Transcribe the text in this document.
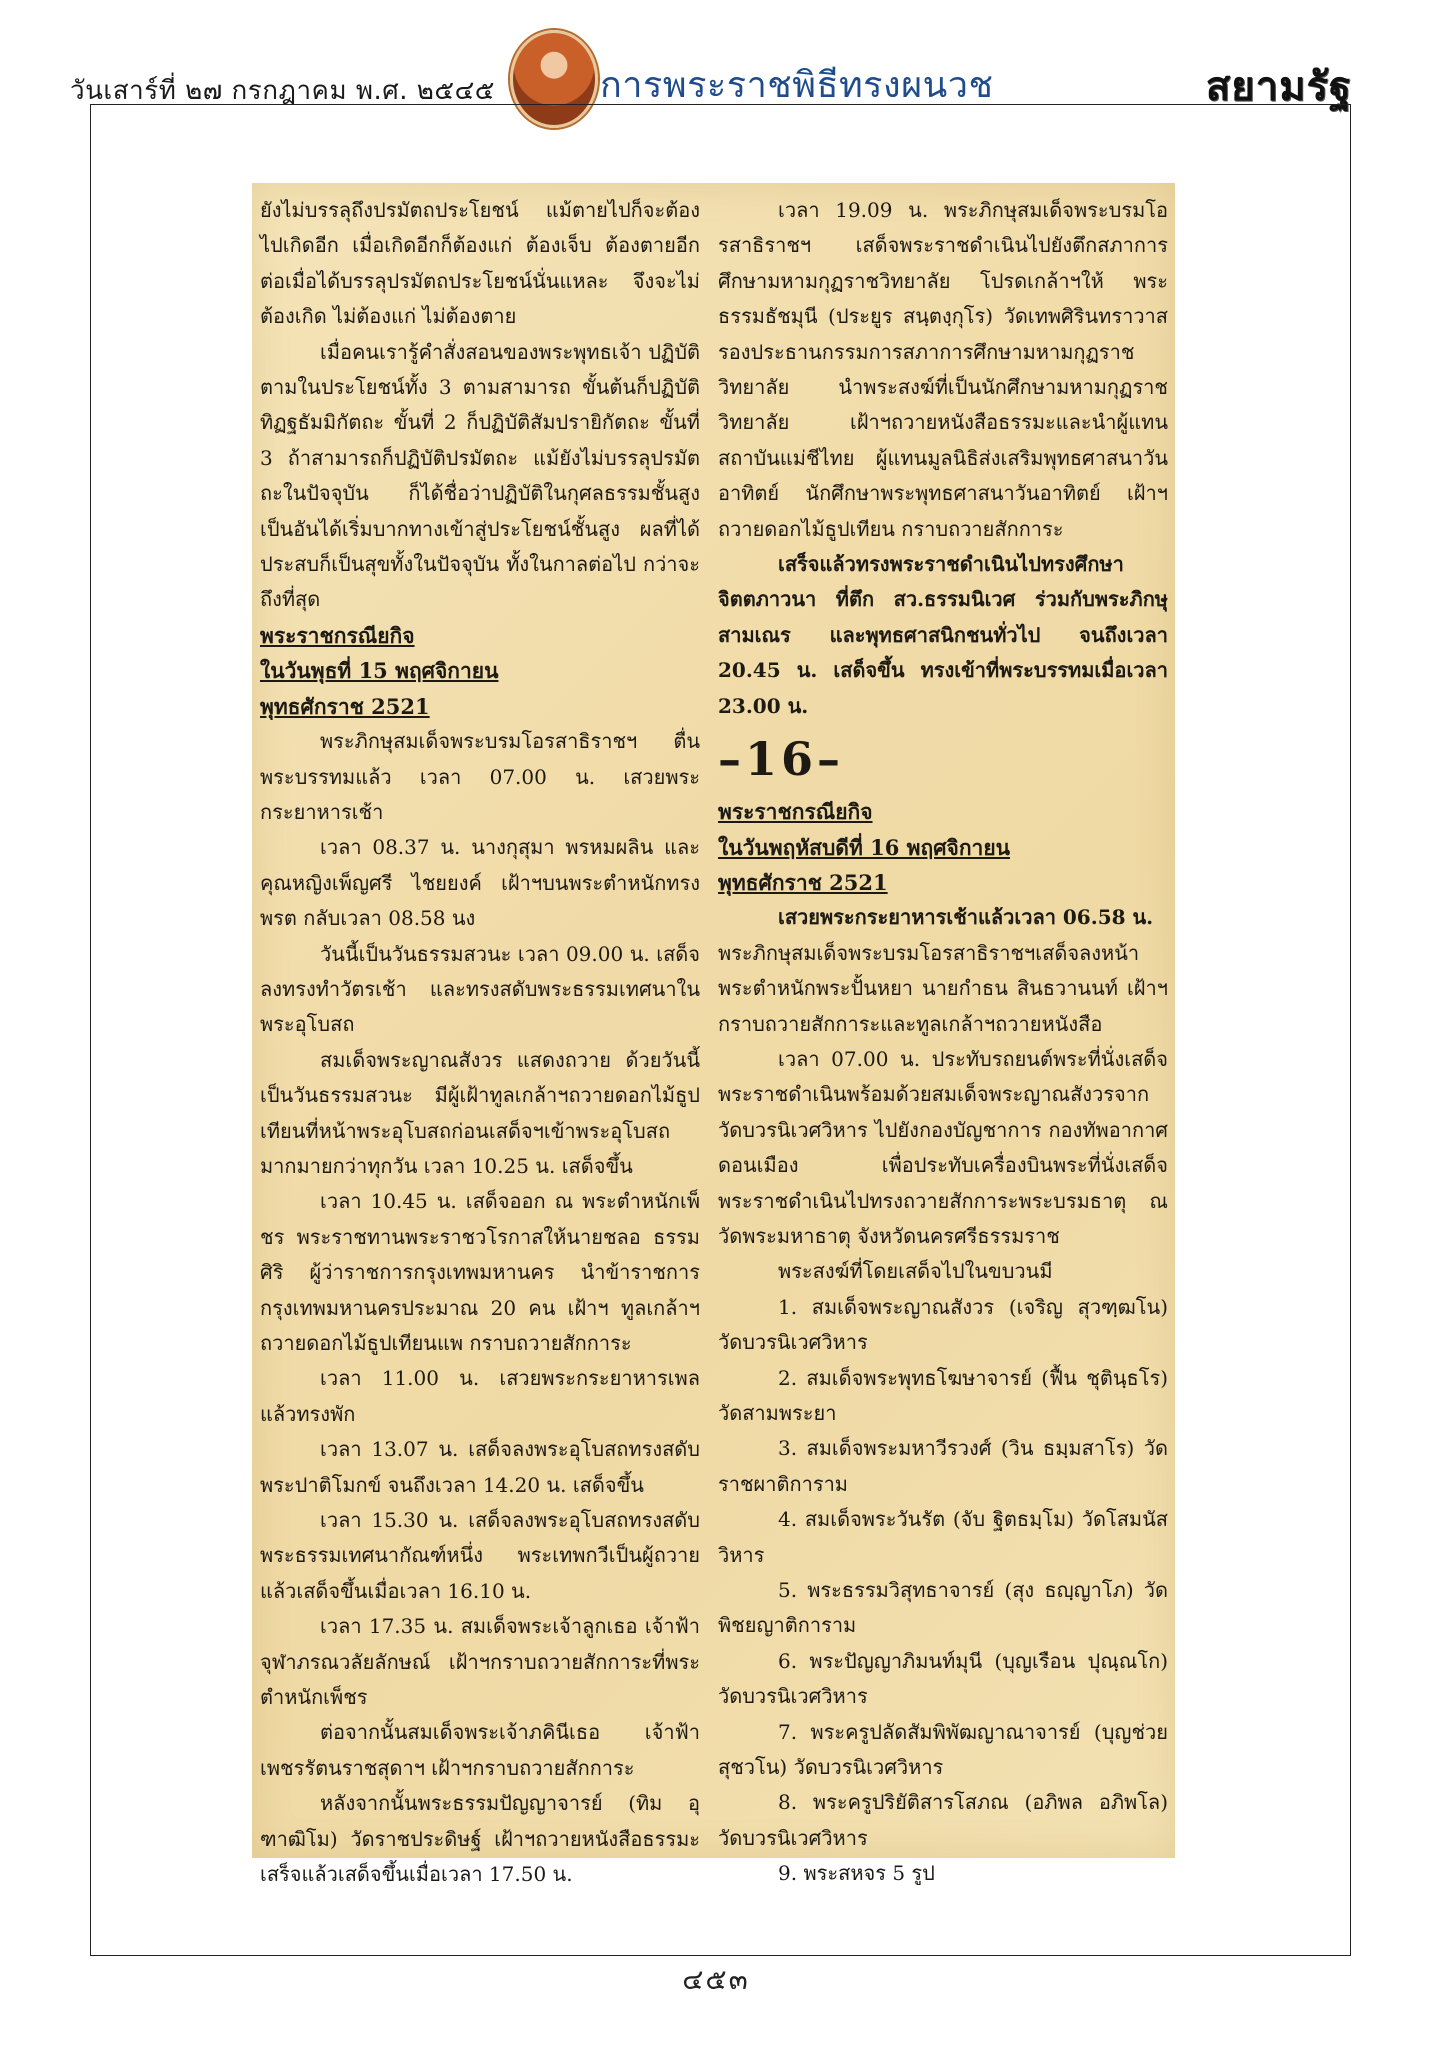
วันเสาร์ที่ ๒๗ กรกฎาคม พ.ศ. ๒๕๔๕	การพระราชพิธีทรงผนวช	สยามรัฐ

ยังไม่บรรลุถึงปรมัตถประโยชน์ แม้ตายไปก็จะต้องไปเกิดอีก เมื่อเกิดอีกก็ต้องแก่ ต้องเจ็บ ต้องตายอีก ต่อเมื่อได้บรรลุปรมัตถประโยชน์นั่นแหละ จึงจะไม่ต้องเกิด ไม่ต้องแก่ ไม่ต้องตาย

เมื่อคนเรารู้คำสั่งสอนของพระพุทธเจ้า ปฏิบัติตามในประโยชน์ทั้ง 3 ตามสามารถ ขั้นต้นก็ปฏิบัติทิฏฐธัมมิกัตถะ ขั้นที่ 2 ก็ปฏิบัติสัมปรายิกัตถะ ขั้นที่ 3 ถ้าสามารถก็ปฏิบัติปรมัตถะ แม้ยังไม่บรรลุปรมัตถะในปัจจุบัน ก็ได้ชื่อว่าปฏิบัติในกุศลธรรมชั้นสูง เป็นอันได้เริ่มบากทางเข้าสู่ประโยชน์ชั้นสูง ผลที่ได้ประสบก็เป็นสุขทั้งในปัจจุบัน ทั้งในกาลต่อไป กว่าจะถึงที่สุด

พระราชกรณียกิจ

ในวันพุธที่ 15 พฤศจิกายน

พุทธศักราช 2521

พระภิกษุสมเด็จพระบรมโอรสาธิราชฯ ตื่นพระบรรทมแล้ว เวลา 07.00 น. เสวยพระกระยาหารเช้า

เวลา 08.37 น. นางกุสุมา พรหมผลิน และคุณหญิงเพ็ญศรี ไชยยงค์ เฝ้าฯบนพระตำหนักทรงพรต กลับเวลา 08.58 นง

วันนี้เป็นวันธรรมสวนะ เวลา 09.00 น. เสด็จลงทรงทำวัตรเช้า และทรงสดับพระธรรมเทศนาในพระอุโบสถ

สมเด็จพระญาณสังวร แสดงถวาย ด้วยวันนี้เป็นวันธรรมสวนะ มีผู้เฝ้าทูลเกล้าฯถวายดอกไม้ธูปเทียนที่หน้าพระอุโบสถก่อนเสด็จฯเข้าพระอุโบสถมากมายกว่าทุกวัน เวลา 10.25 น. เสด็จขึ้น

เวลา 10.45 น. เสด็จออก ณ พระตำหนักเพ็ชร พระราชทานพระราชวโรกาสให้นายชลอ ธรรมศิริ ผู้ว่าราชการกรุงเทพมหานคร นำข้าราชการกรุงเทพมหานครประมาณ 20 คน เฝ้าฯ ทูลเกล้าฯ ถวายดอกไม้ธูปเทียนแพ กราบถวายสักการะ

เวลา 11.00 น. เสวยพระกระยาหารเพล แล้วทรงพัก

เวลา 13.07 น. เสด็จลงพระอุโบสถทรงสดับพระปาติโมกข์ จนถึงเวลา 14.20 น. เสด็จขึ้น

เวลา 15.30 น. เสด็จลงพระอุโบสถทรงสดับพระธรรมเทศนากัณฑ์หนึ่ง พระเทพกวีเป็นผู้ถวายแล้วเสด็จขึ้นเมื่อเวลา 16.10 น.

เวลา 17.35 น. สมเด็จพระเจ้าลูกเธอ เจ้าฟ้าจุฬาภรณวลัยลักษณ์ เฝ้าฯกราบถวายสักการะที่พระตำหนักเพ็ชร

ต่อจากนั้นสมเด็จพระเจ้าภคินีเธอ เจ้าฟ้าเพชรรัตนราชสุดาฯ เฝ้าฯกราบถวายสักการะ

หลังจากนั้นพระธรรมปัญญาจารย์ (ทิม อุฑาฒิโม) วัดราชประดิษฐ์ เฝ้าฯถวายหนังสือธรรมะ เสร็จแล้วเสด็จขึ้นเมื่อเวลา 17.50 น.

เวลา 19.09 น. พระภิกษุสมเด็จพระบรมโอรสาธิราชฯ เสด็จพระราชดำเนินไปยังตึกสภาการศึกษามหามกุฏราชวิทยาลัย โปรดเกล้าฯให้ พระธรรมธัชมุนี (ประยูร สนฺตงฺกุโร) วัดเทพศิรินทราวาส รองประธานกรรมการสภาการศึกษามหามกุฏราชวิทยาลัย นำพระสงฆ์ที่เป็นนักศึกษามหามกุฏราชวิทยาลัย เฝ้าฯถวายหนังสือธรรมะและนำผู้แทนสถาบันแม่ชีไทย ผู้แทนมูลนิธิส่งเสริมพุทธศาสนาวันอาทิตย์ นักศึกษาพระพุทธศาสนาวันอาทิตย์ เฝ้าฯถวายดอกไม้ธูปเทียน กราบถวายสักการะ

เสร็จแล้วทรงพระราชดำเนินไปทรงศึกษาจิตตภาวนา ที่ตึก สว.ธรรมนิเวศ ร่วมกับพระภิกษุสามเณร และพุทธศาสนิกชนทั่วไป จนถึงเวลา 20.45 น. เสด็จขึ้น ทรงเข้าที่พระบรรทมเมื่อเวลา 23.00 น.

–16–

พระราชกรณียกิจ

ในวันพฤหัสบดีที่ 16 พฤศจิกายน

พุทธศักราช 2521

เสวยพระกระยาหารเช้าแล้วเวลา 06.58 น.

พระภิกษุสมเด็จพระบรมโอรสาธิราชฯเสด็จลงหน้าพระตำหนักพระปั้นหยา นายกำธน สินธวานนท์ เฝ้าฯกราบถวายสักการะและทูลเกล้าฯถวายหนังสือ

เวลา 07.00 น. ประทับรถยนต์พระที่นั่งเสด็จพระราชดำเนินพร้อมด้วยสมเด็จพระญาณสังวรจากวัดบวรนิเวศวิหาร ไปยังกองบัญชาการ กองทัพอากาศดอนเมือง เพื่อประทับเครื่องบินพระที่นั่งเสด็จพระราชดำเนินไปทรงถวายสักการะพระบรมธาตุ ณ วัดพระมหาธาตุ จังหวัดนครศรีธรรมราช

พระสงฆ์ที่โดยเสด็จไปในขบวนมี

1. สมเด็จพระญาณสังวร (เจริญ สุวฑฺฒโน) วัดบวรนิเวศวิหาร

2. สมเด็จพระพุทธโฆษาจารย์ (ฟื้น ชุตินฺธโร) วัดสามพระยา

3. สมเด็จพระมหาวีรวงศ์ (วิน ธมฺมสาโร) วัดราชผาติการาม

4. สมเด็จพระวันรัต (จับ ฐิตธมฺโม) วัดโสมนัสวิหาร

5. พระธรรมวิสุทธาจารย์ (สุง ธญฺญาโภ) วัดพิชยญาติการาม

6. พระปัญญาภิมนท์มุนี (บุญเรือน ปุณฺณโก) วัดบวรนิเวศวิหาร

7. พระครูปลัดสัมพิพัฒญาณาจารย์ (บุญช่วย สุชวโน) วัดบวรนิเวศวิหาร

8. พระครูปริยัติสารโสภณ (อภิพล อภิพโล) วัดบวรนิเวศวิหาร

9. พระสหจร 5 รูป

๔๕๓
